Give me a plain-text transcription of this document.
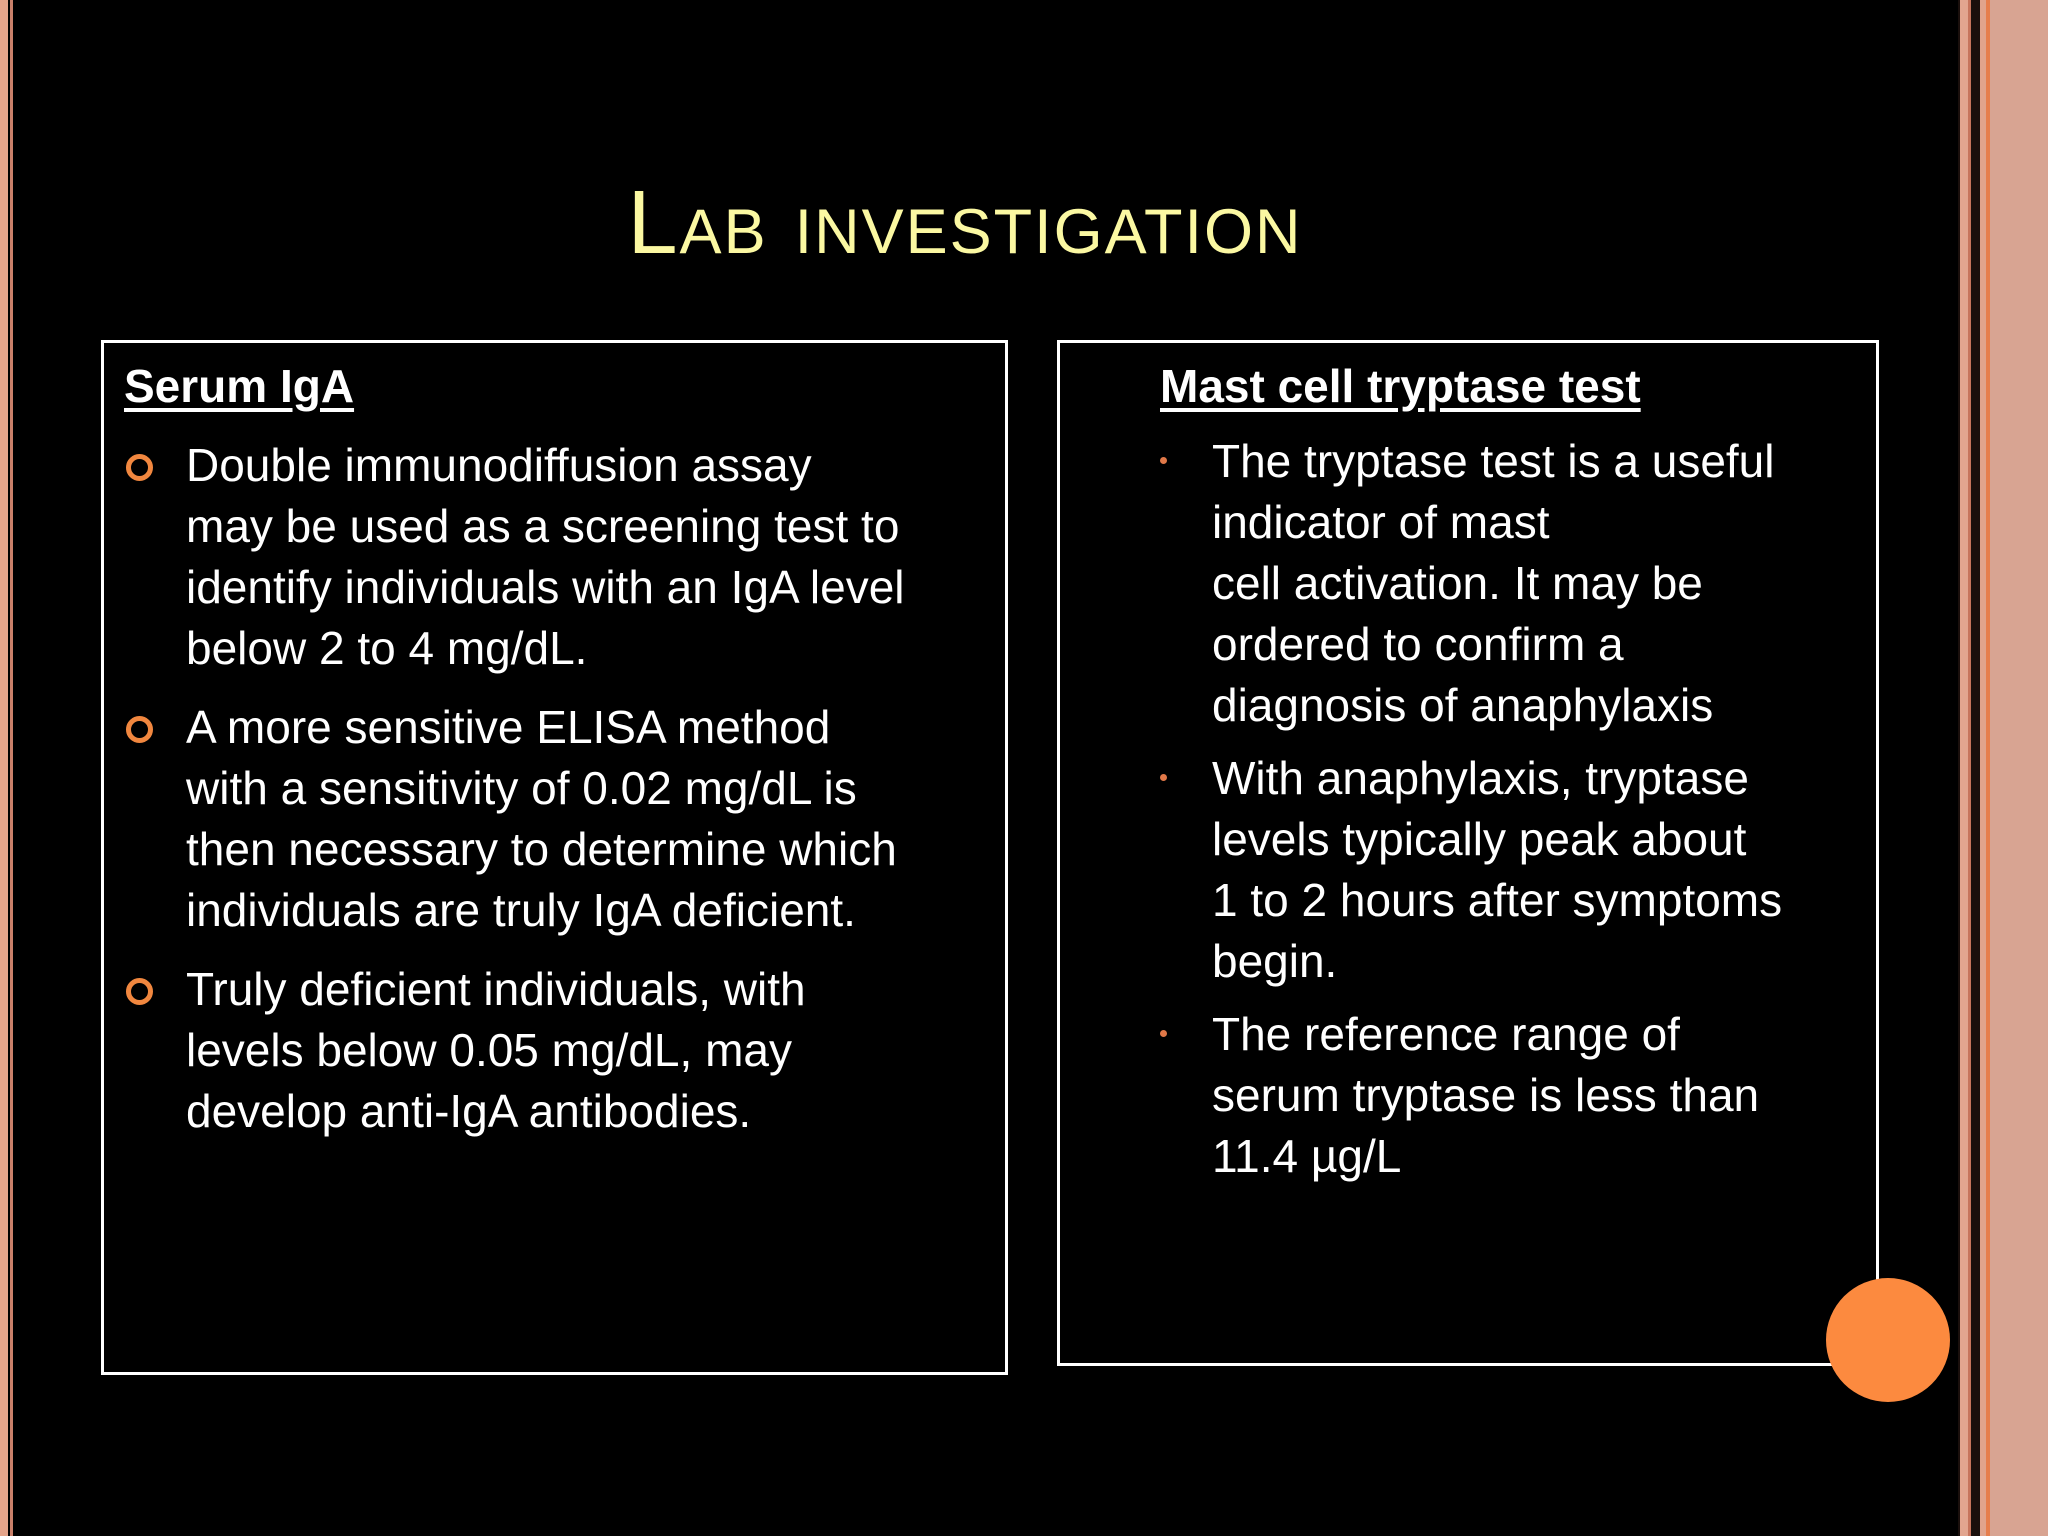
Lab investigation
Serum IgA
Double immunodiffusion assay
may be used as a screening test to
identify individuals with an IgA level
below 2 to 4 mg/dL.
A more sensitive ELISA method
with a sensitivity of 0.02 mg/dL is
then necessary to determine which
individuals are truly IgA deficient.
Truly deficient individuals, with
levels below 0.05 mg/dL, may
develop anti-IgA antibodies.
Mast cell tryptase test
The tryptase test is a useful
indicator of mast
cell activation. It may be
ordered to confirm a
diagnosis of anaphylaxis
With anaphylaxis, tryptase
levels typically peak about
1 to 2 hours after symptoms
begin.
The reference range of
serum tryptase is less than
11.4 µg/L
